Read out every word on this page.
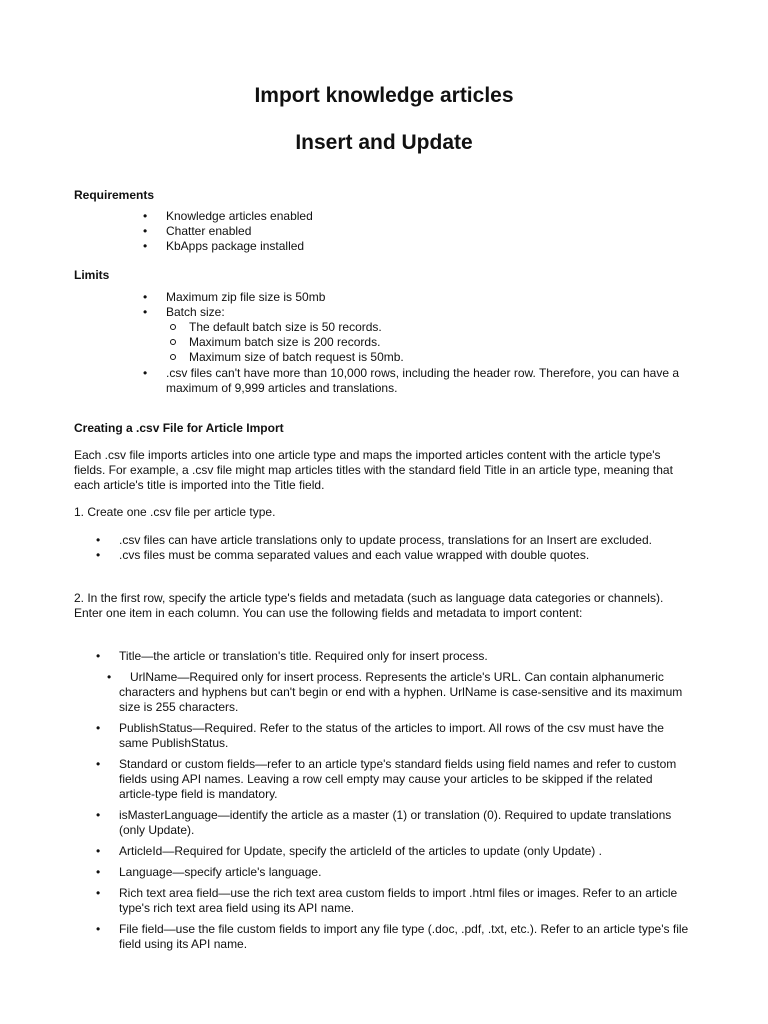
Import knowledge articles
Insert and Update
Requirements
• Knowledge articles enabled
• Chatter enabled
• KbApps package installed
Limits
• Maximum zip file size is 50mb
• Batch size:
The default batch size is 50 records.
Maximum batch size is 200 records.
Maximum size of batch request is 50mb.
• .csv files can't have more than 10,000 rows, including the header row. Therefore, you can have a maximum of 9,999 articles and translations.
Creating a .csv File for Article Import

Each .csv file imports articles into one article type and maps the imported articles content with the article type's fields. For example, a .csv file might map articles titles with the standard field Title in an article type, meaning that each article's title is imported into the Title field.

1. Create one .csv file per article type.

• .csv files can have article translations only to update process, translations for an Insert are excluded.
• .cvs files must be comma separated values and each value wrapped with double quotes.

2. In the first row, specify the article type's fields and metadata (such as language data categories or channels). Enter one item in each column. You can use the following fields and metadata to import content:

• Title—the article or translation's title. Required only for insert process.
• UrlName—Required only for insert process. Represents the article's URL. Can contain alphanumeric characters and hyphens but can't begin or end with a hyphen. UrlName is case-sensitive and its maximum size is 255 characters.
• PublishStatus—Required. Refer to the status of the articles to import. All rows of the csv must have the same PublishStatus.
• Standard or custom fields—refer to an article type's standard fields using field names and refer to custom fields using API names. Leaving a row cell empty may cause your articles to be skipped if the related article-type field is mandatory.
• isMasterLanguage—identify the article as a master (1) or translation (0). Required to update translations (only Update).
• ArticleId—Required for Update, specify the articleId of the articles to update (only Update) .
• Language—specify article's language.
• Rich text area field—use the rich text area custom fields to import .html files or images. Refer to an article type's rich text area field using its API name.
• File field—use the file custom fields to import any file type (.doc, .pdf, .txt, etc.). Refer to an article type's file field using its API name.
